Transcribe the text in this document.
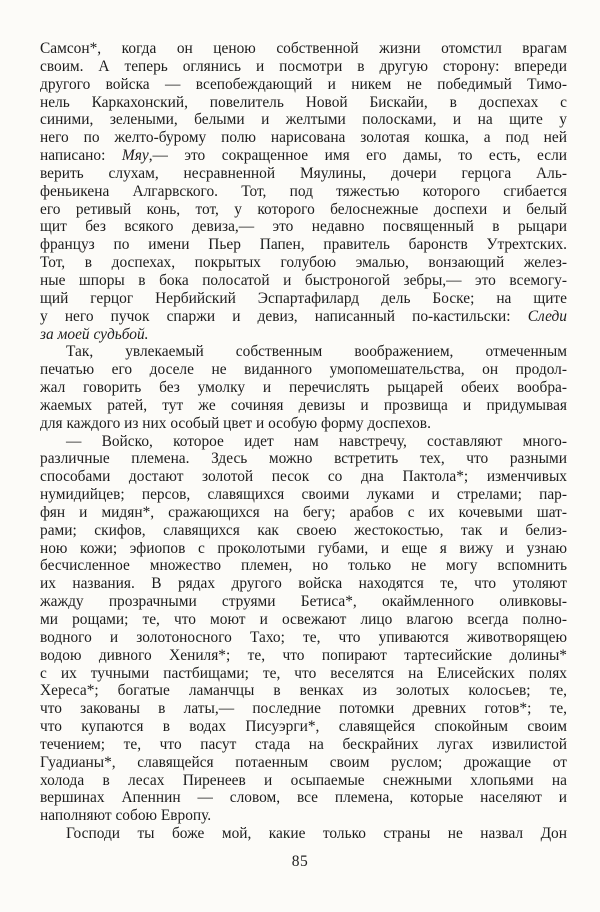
Самсон*, когда он ценою собственной жизни отомстил врагам
своим. А теперь оглянись и посмотри в другую сторону: впереди
другого войска — всепобеждающий и никем не победимый Тимо-
нель Каркахонский, повелитель Новой Бискайи, в доспехах с
синими, зелеными, белыми и желтыми полосками, и на щите у
него по желто-бурому полю нарисована золотая кошка, а под ней
написано: Мяу,— это сокращенное имя его дамы, то есть, если
верить слухам, несравненной Мяулины, дочери герцога Аль-
феньикена Алгарвского. Тот, под тяжестью которого сгибается
его ретивый конь, тот, у которого белоснежные доспехи и белый
щит без всякого девиза,— это недавно посвященный в рыцари
француз по имени Пьер Папен, правитель баронств Утрехтских.
Тот, в доспехах, покрытых голубою эмалью, вонзающий желез-
ные шпоры в бока полосатой и быстроногой зебры,— это всемогу-
щий герцог Нербийский Эспартафилард дель Боске; на щите
у него пучок спаржи и девиз, написанный по-кастильски: Следи
за моей судьбой.
Так, увлекаемый собственным воображением, отмеченным
печатью его доселе не виданного умопомешательства, он продол-
жал говорить без умолку и перечислять рыцарей обеих вообра-
жаемых ратей, тут же сочиняя девизы и прозвища и придумывая
для каждого из них особый цвет и особую форму доспехов.
— Войско, которое идет нам навстречу, составляют много-
различные племена. Здесь можно встретить тех, что разными
способами достают золотой песок со дна Пактола*; изменчивых
нумидийцев; персов, славящихся своими луками и стрелами; пар-
фян и мидян*, сражающихся на бегу; арабов с их кочевыми шат-
рами; скифов, славящихся как своею жестокостью, так и белиз-
ною кожи; эфиопов с проколотыми губами, и еще я вижу и узнаю
бесчисленное множество племен, но только не могу вспомнить
их названия. В рядах другого войска находятся те, что утоляют
жажду прозрачными струями Бетиса*, окаймленного оливковы-
ми рощами; те, что моют и освежают лицо влагою всегда полно-
водного и золотоносного Тахо; те, что упиваются животворящею
водою дивного Хениля*; те, что попирают тартесийские долины*
с их тучными пастбищами; те, что веселятся на Елисейских полях
Хереса*; богатые ламанчцы в венках из золотых колосьев; те,
что закованы в латы,— последние потомки древних готов*; те,
что купаются в водах Писуэрги*, славящейся спокойным своим
течением; те, что пасут стада на бескрайних лугах извилистой
Гуадианы*, славящейся потаенным своим руслом; дрожащие от
холода в лесах Пиренеев и осыпаемые снежными хлопьями на
вершинах Апеннин — словом, все племена, которые населяют и
наполняют собою Европу.
Господи ты боже мой, какие только страны не назвал Дон
85
